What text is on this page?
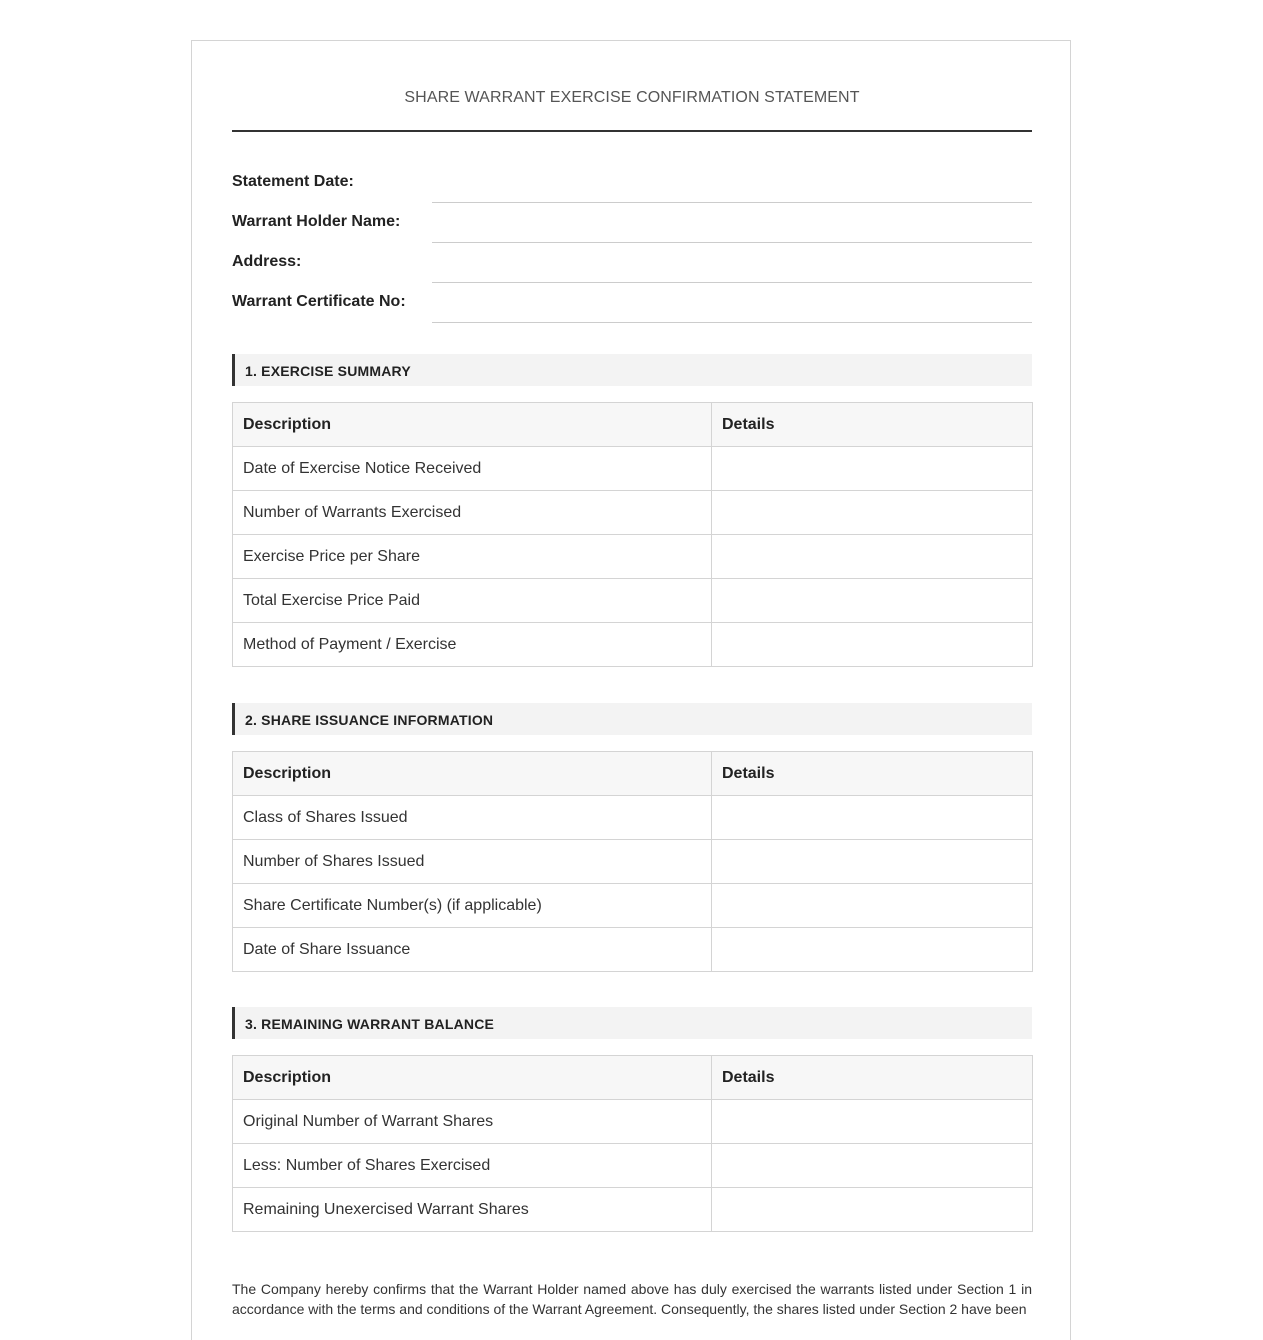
SHARE WARRANT EXERCISE CONFIRMATION STATEMENT
Statement Date:
Warrant Holder Name:
Address:
Warrant Certificate No:
1. EXERCISE SUMMARY
Description	Details
Date of Exercise Notice Received	
Number of Warrants Exercised	
Exercise Price per Share	
Total Exercise Price Paid	
Method of Payment / Exercise	
2. SHARE ISSUANCE INFORMATION
Description	Details
Class of Shares Issued	
Number of Shares Issued	
Share Certificate Number(s) (if applicable)	
Date of Share Issuance	
3. REMAINING WARRANT BALANCE
Description	Details
Original Number of Warrant Shares	
Less: Number of Shares Exercised	
Remaining Unexercised Warrant Shares	

The Company hereby confirms that the Warrant Holder named above has duly exercised the warrants listed under Section 1 in accordance with the terms and conditions of the Warrant Agreement. Consequently, the shares listed under Section 2 have been
